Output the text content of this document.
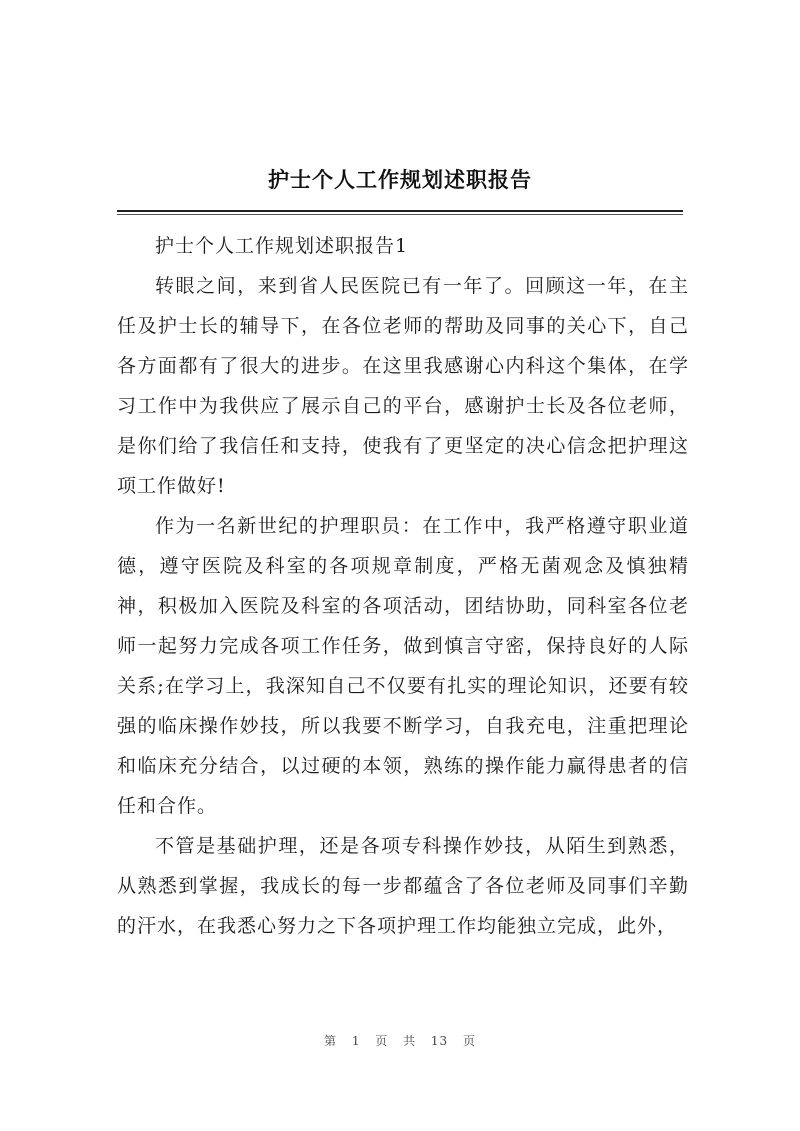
护士个人工作规划述职报告

护士个人工作规划述职报告1

转眼之间，来到省人民医院已有一年了。回顾这一年，在主任及护士长的辅导下，在各位老师的帮助及同事的关心下，自己各方面都有了很大的进步。在这里我感谢心内科这个集体，在学习工作中为我供应了展示自己的平台，感谢护士长及各位老师，是你们给了我信任和支持，使我有了更坚定的决心信念把护理这项工作做好!

作为一名新世纪的护理职员：在工作中，我严格遵守职业道德，遵守医院及科室的各项规章制度，严格无菌观念及慎独精神，积极加入医院及科室的各项活动，团结协助，同科室各位老师一起努力完成各项工作任务，做到慎言守密，保持良好的人际关系;在学习上，我深知自己不仅要有扎实的理论知识，还要有较强的临床操作妙技，所以我要不断学习，自我充电，注重把理论和临床充分结合，以过硬的本领，熟练的操作能力赢得患者的信任和合作。

不管是基础护理，还是各项专科操作妙技，从陌生到熟悉，从熟悉到掌握，我成长的每一步都蕴含了各位老师及同事们辛勤的汗水，在我悉心努力之下各项护理工作均能独立完成，此外，

第 1 页 共 13 页
